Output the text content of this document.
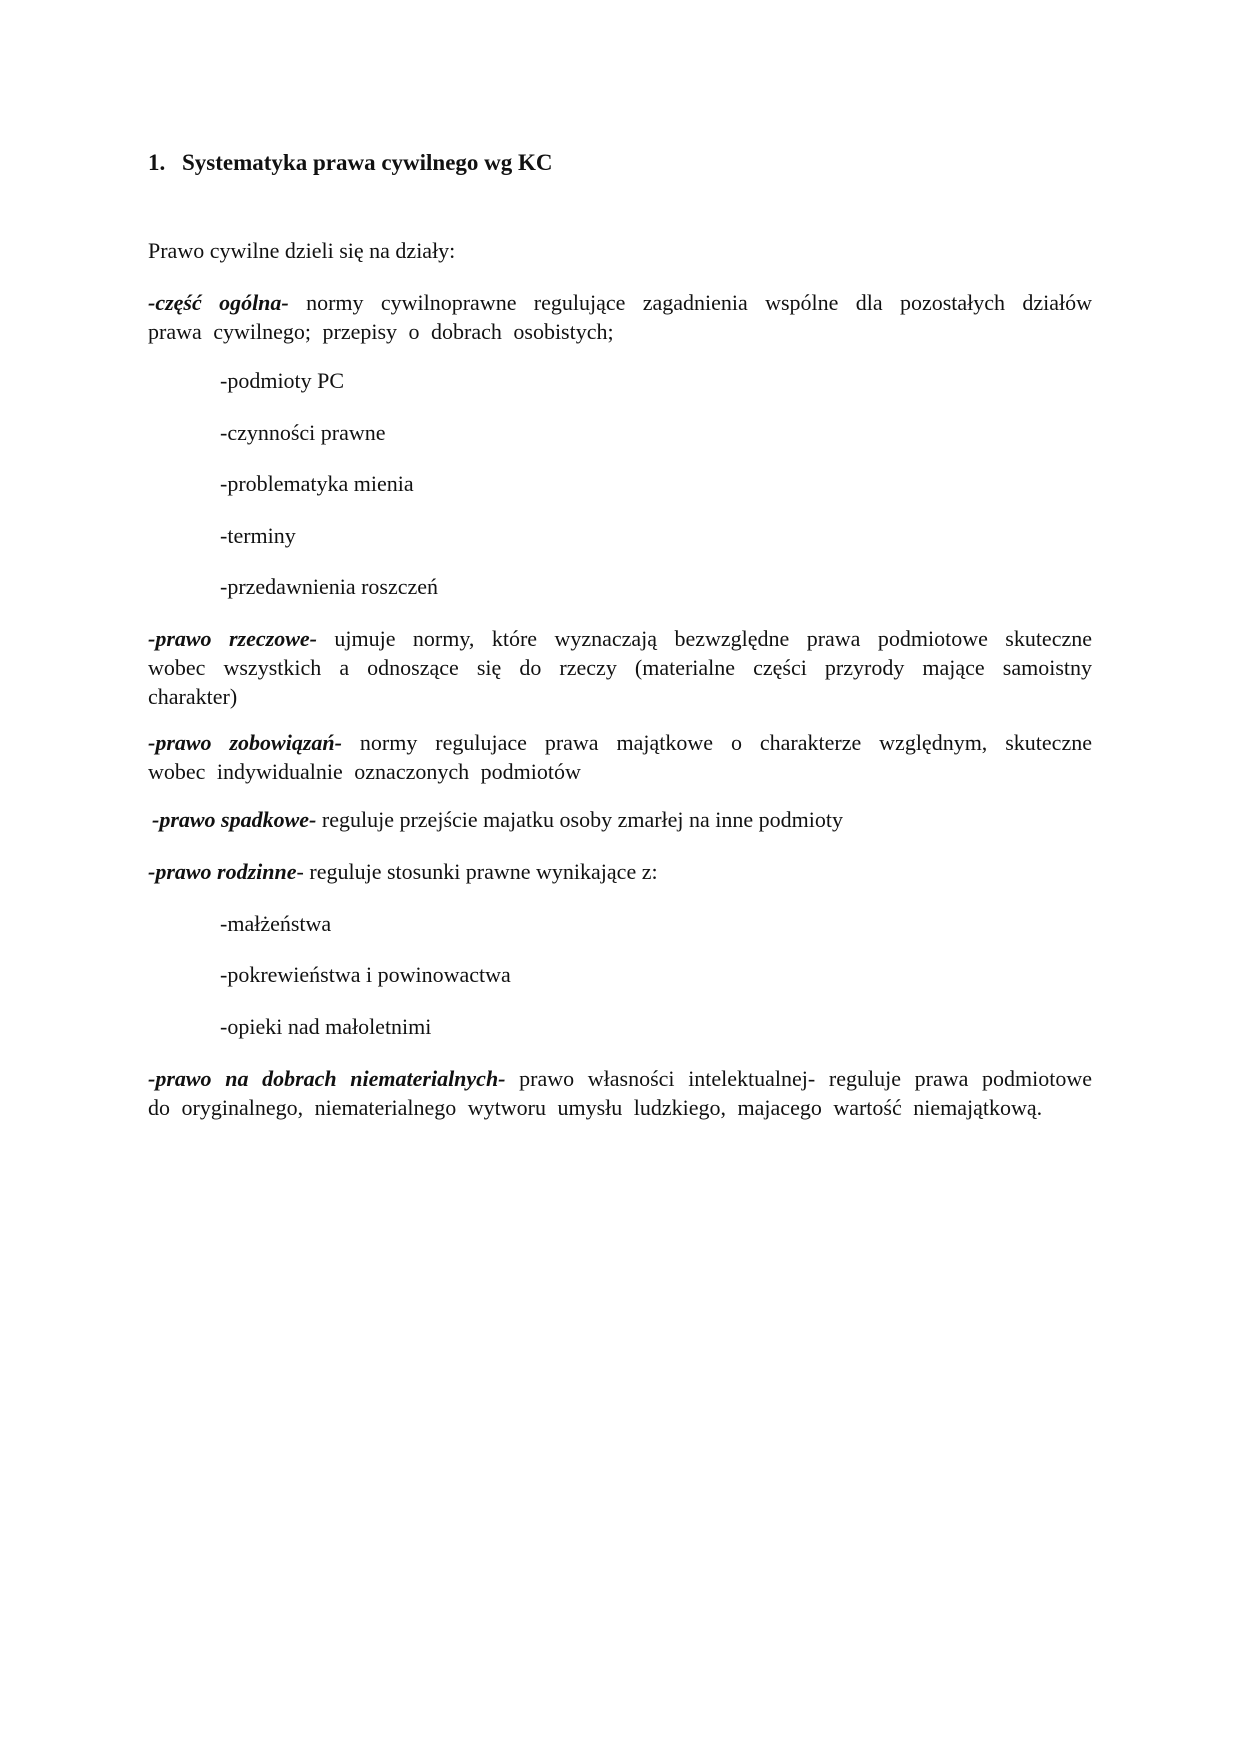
1. Systematyka prawa cywilnego wg KC
Prawo cywilne dzieli się na działy:
-część ogólna- normy cywilnoprawne regulujące zagadnienia wspólne dla pozostałych działów prawa cywilnego; przepisy o dobrach osobistych;
-podmioty PC
-czynności prawne
-problematyka mienia
-terminy
-przedawnienia roszczeń
-prawo rzeczowe- ujmuje normy, które wyznaczają bezwzględne prawa podmiotowe skuteczne wobec wszystkich a odnoszące się do rzeczy (materialne części przyrody mające samoistny charakter)
-prawo zobowiązań- normy regulujace prawa majątkowe o charakterze względnym, skuteczne wobec indywidualnie oznaczonych podmiotów
-prawo spadkowe- reguluje przejście majatku osoby zmarłej na inne podmioty
-prawo rodzinne- reguluje stosunki prawne wynikające z:
-małżeństwa
-pokrewieństwa i powinowactwa
-opieki nad małoletnimi
-prawo na dobrach niematerialnych- prawo własności intelektualnej- reguluje prawa podmiotowe do oryginalnego, niematerialnego wytworu umysłu ludzkiego, majacego wartość niemajątkową.
